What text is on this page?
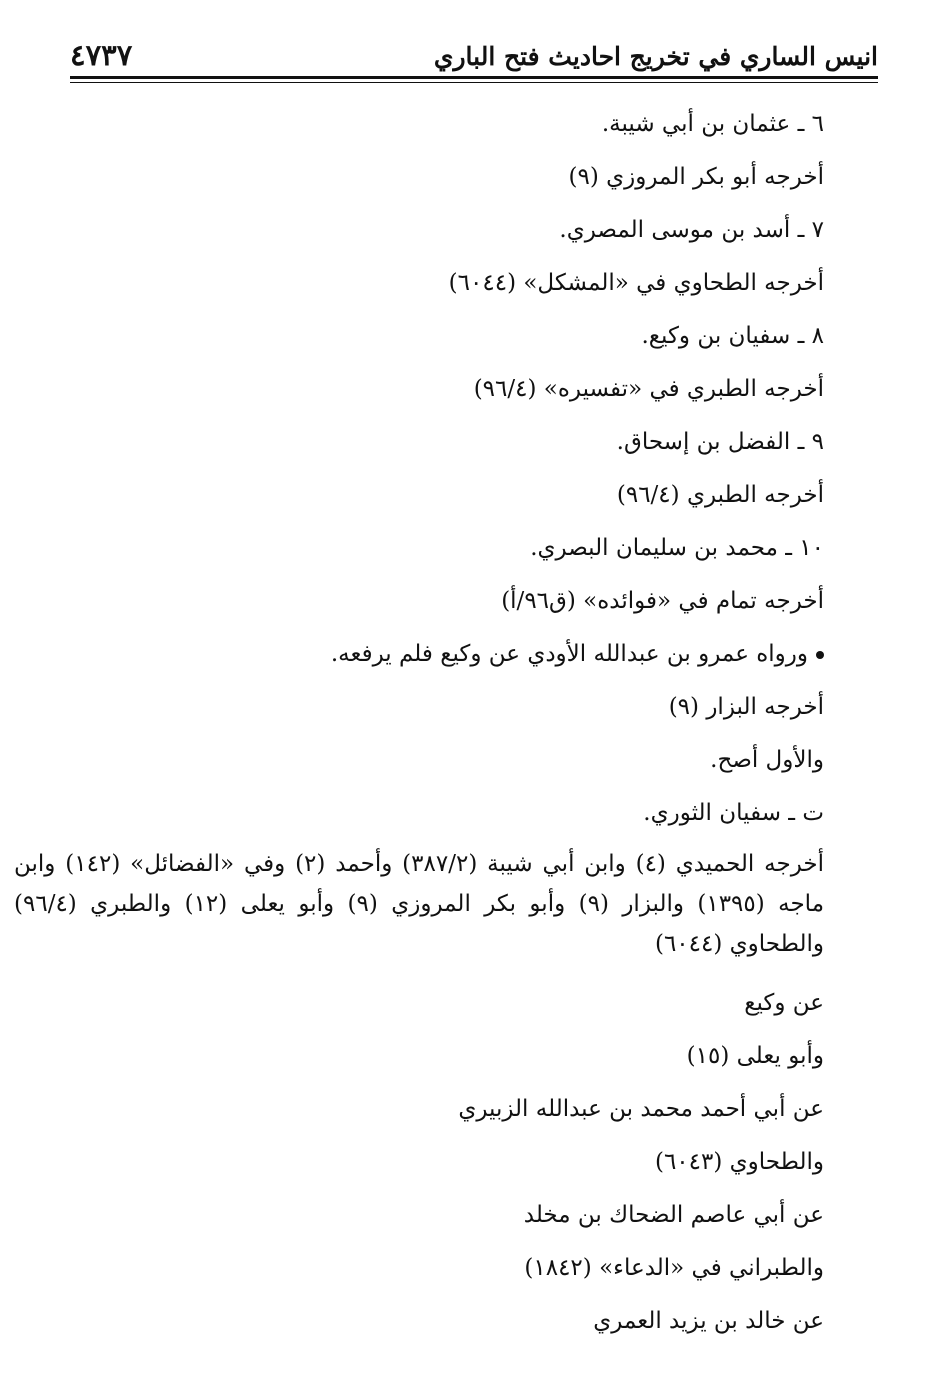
انيس الساري في تخريج احاديث فتح الباري
٤٧٣٧
٦ ـ عثمان بن أبي شيبة.
أخرجه أبو بكر المروزي (٩)
٧ ـ أسد بن موسى المصري.
أخرجه الطحاوي في «المشكل» (٦٠٤٤)
٨ ـ سفيان بن وكيع.
أخرجه الطبري في «تفسيره» (٩٦/٤)
٩ ـ الفضل بن إسحاق.
أخرجه الطبري (٩٦/٤)
١٠ ـ محمد بن سليمان البصري.
أخرجه تمام في «فوائده» (ق٩٦/أ)
ورواه عمرو بن عبدالله الأودي عن وكيع فلم يرفعه.
أخرجه البزار (٩)
والأول أصح.
ت ـ سفيان الثوري.
أخرجه الحميدي (٤) وابن أبي شيبة (٣٨٧/٢) وأحمد (٢) وفي «الفضائل» (١٤٢) وابن ماجه (١٣٩٥) والبزار (٩) وأبو بكر المروزي (٩) وأبو يعلى (١٢) والطبري (٩٦/٤) والطحاوي (٦٠٤٤)
عن وكيع
وأبو يعلى (١٥)
عن أبي أحمد محمد بن عبدالله الزبيري
والطحاوي (٦٠٤٣)
عن أبي عاصم الضحاك بن مخلد
والطبراني في «الدعاء» (١٨٤٢)
عن خالد بن يزيد العمري
